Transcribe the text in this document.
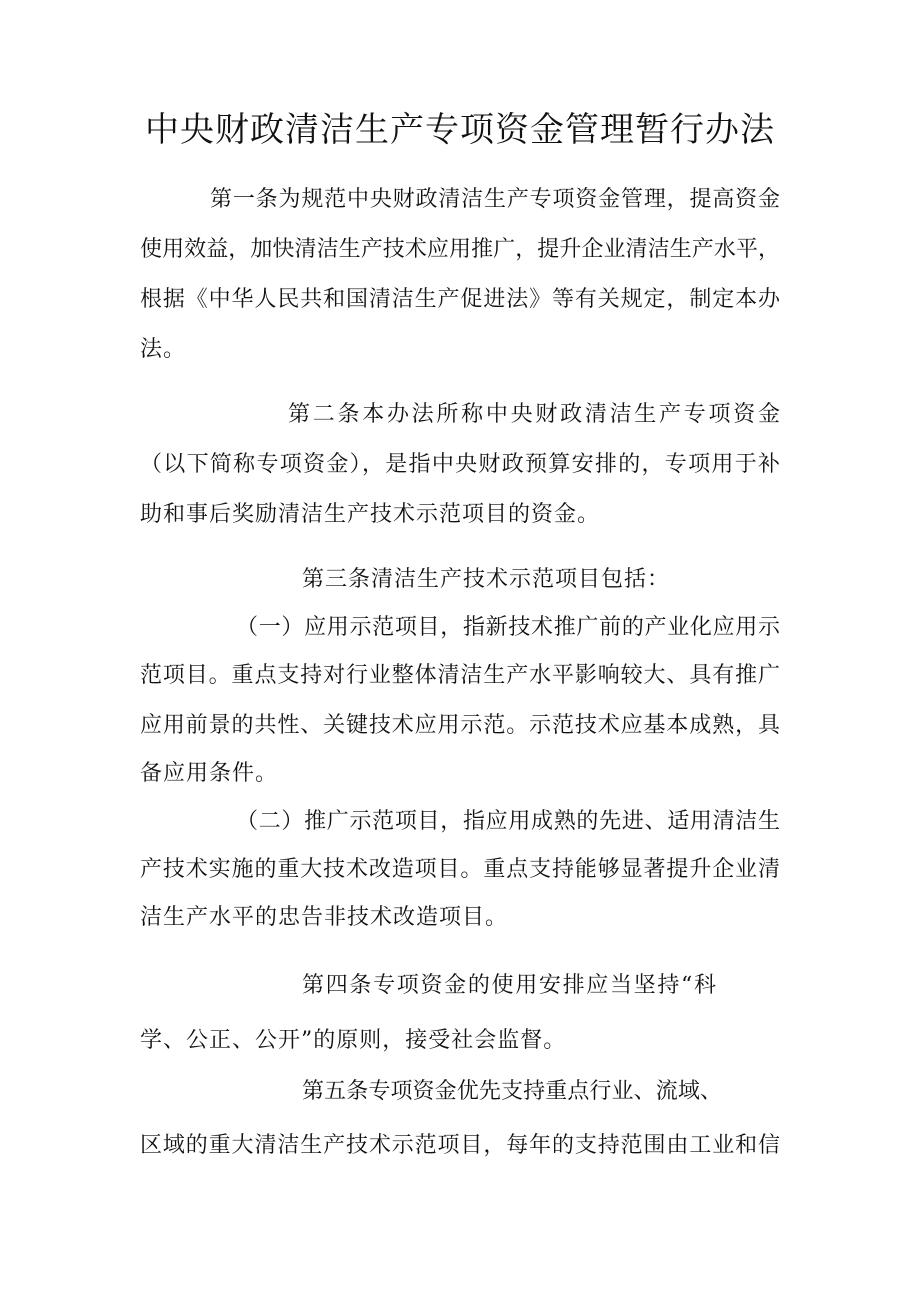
中央财政清洁生产专项资金管理暂行办法
第一条为规范中央财政清洁生产专项资金管理，提高资金
使用效益，加快清洁生产技术应用推广，提升企业清洁生产水平，
根据《中华人民共和国清洁生产促进法》等有关规定，制定本办
法。
第二条本办法所称中央财政清洁生产专项资金
（以下简称专项资金），是指中央财政预算安排的，专项用于补
助和事后奖励清洁生产技术示范项目的资金。
第三条清洁生产技术示范项目包括：
（一）应用示范项目，指新技术推广前的产业化应用示
范项目。重点支持对行业整体清洁生产水平影响较大、具有推广
应用前景的共性、关键技术应用示范。示范技术应基本成熟，具
备应用条件。
（二）推广示范项目，指应用成熟的先进、适用清洁生
产技术实施的重大技术改造项目。重点支持能够显著提升企业清
洁生产水平的忠告非技术改造项目。
第四条专项资金的使用安排应当坚持“科
学、公正、公开”的原则，接受社会监督。
第五条专项资金优先支持重点行业、流域、
区域的重大清洁生产技术示范项目，每年的支持范围由工业和信
